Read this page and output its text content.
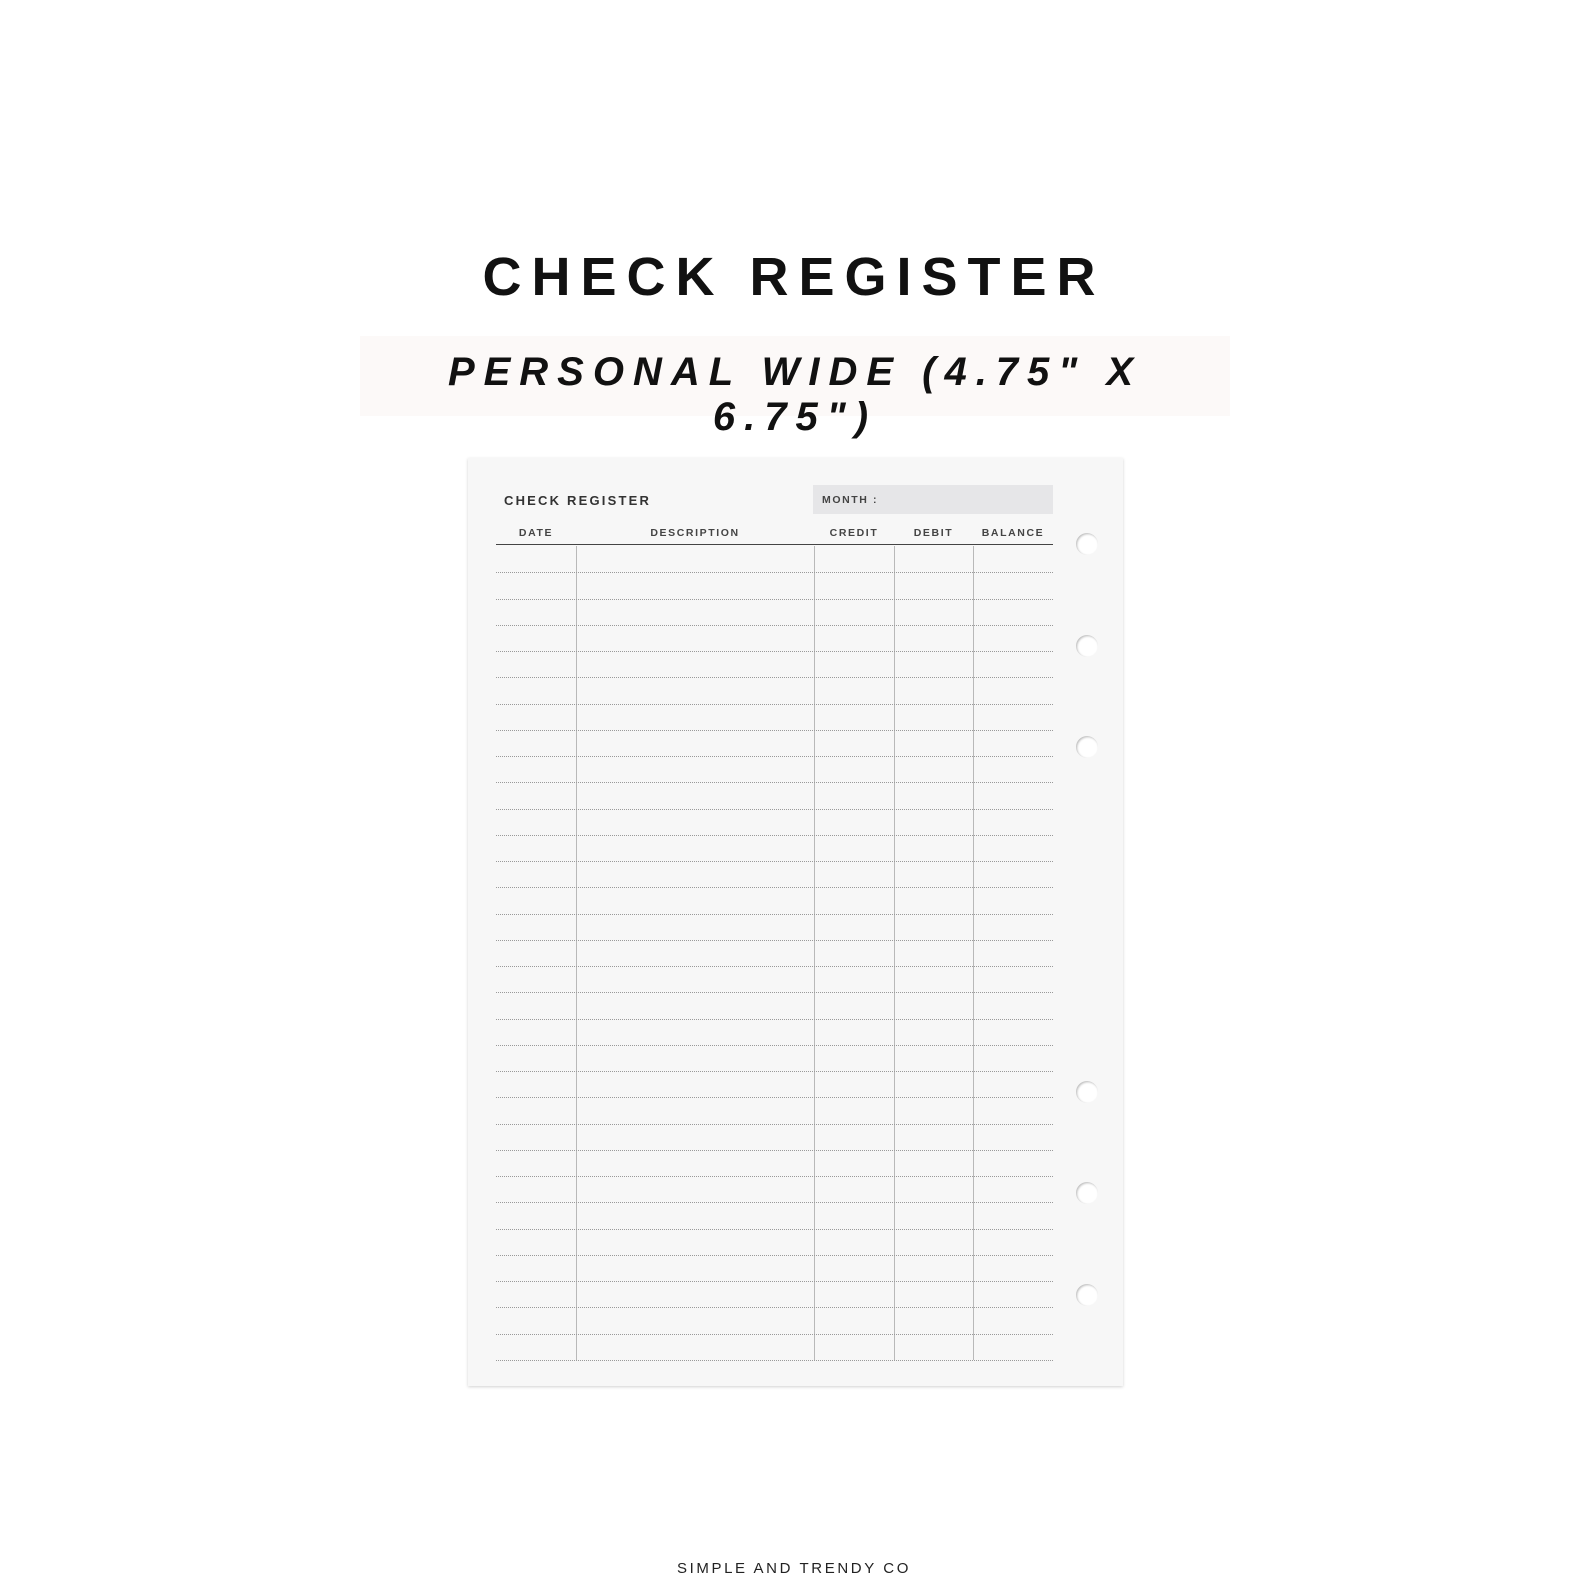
CHECK REGISTER
PERSONAL WIDE (4.75" X 6.75")
CHECK REGISTER	MONTH :
DATE	DESCRIPTION	CREDIT	DEBIT	BALANCE
SIMPLE AND TRENDY CO
